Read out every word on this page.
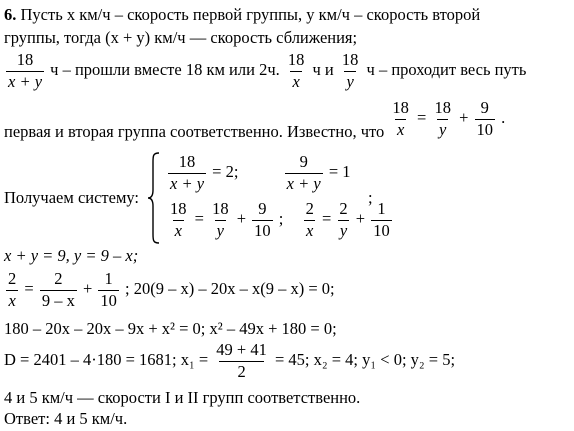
6. Пусть x км/ч – скорость первой группы, y км/ч – скорость второй
группы, тогда (x + y) км/ч — скорость сближения;
$\frac{18}{x + y}$ ч – прошли вместе 18 км или 2ч. $\frac{18}{x}$ ч и $\frac{18}{y}$ ч – проходит весь путь
первая и вторая группа соответственно. Известно, что $\frac{18}{x} = \frac{18}{y} + \frac{9}{10}$ .
Получаем систему:
$\frac{18}{x + y} = 2$;	$\frac{9}{x + y} = 1$
$\frac{18}{x} = \frac{18}{y} + \frac{9}{10}$ ; $\frac{2}{x} = \frac{2}{y} + \frac{1}{10}$
;
x + y = 9, y = 9 – x;
$\frac{2}{x} = \frac{2}{9 - x} + \frac{1}{10}$ ; 20(9 – x) – 20x – x(9 – x) = 0;
180 – 20x – 20x – 9x + x² = 0; x² – 49x + 180 = 0;
D = 2401 – 4·180 = 1681; $x_1 = \frac{49 + 41}{2} = 45$; x₂ = 4; y₁ < 0; y₂ = 5;
4 и 5 км/ч — скорости I и II групп соответственно.
Ответ: 4 и 5 км/ч.
